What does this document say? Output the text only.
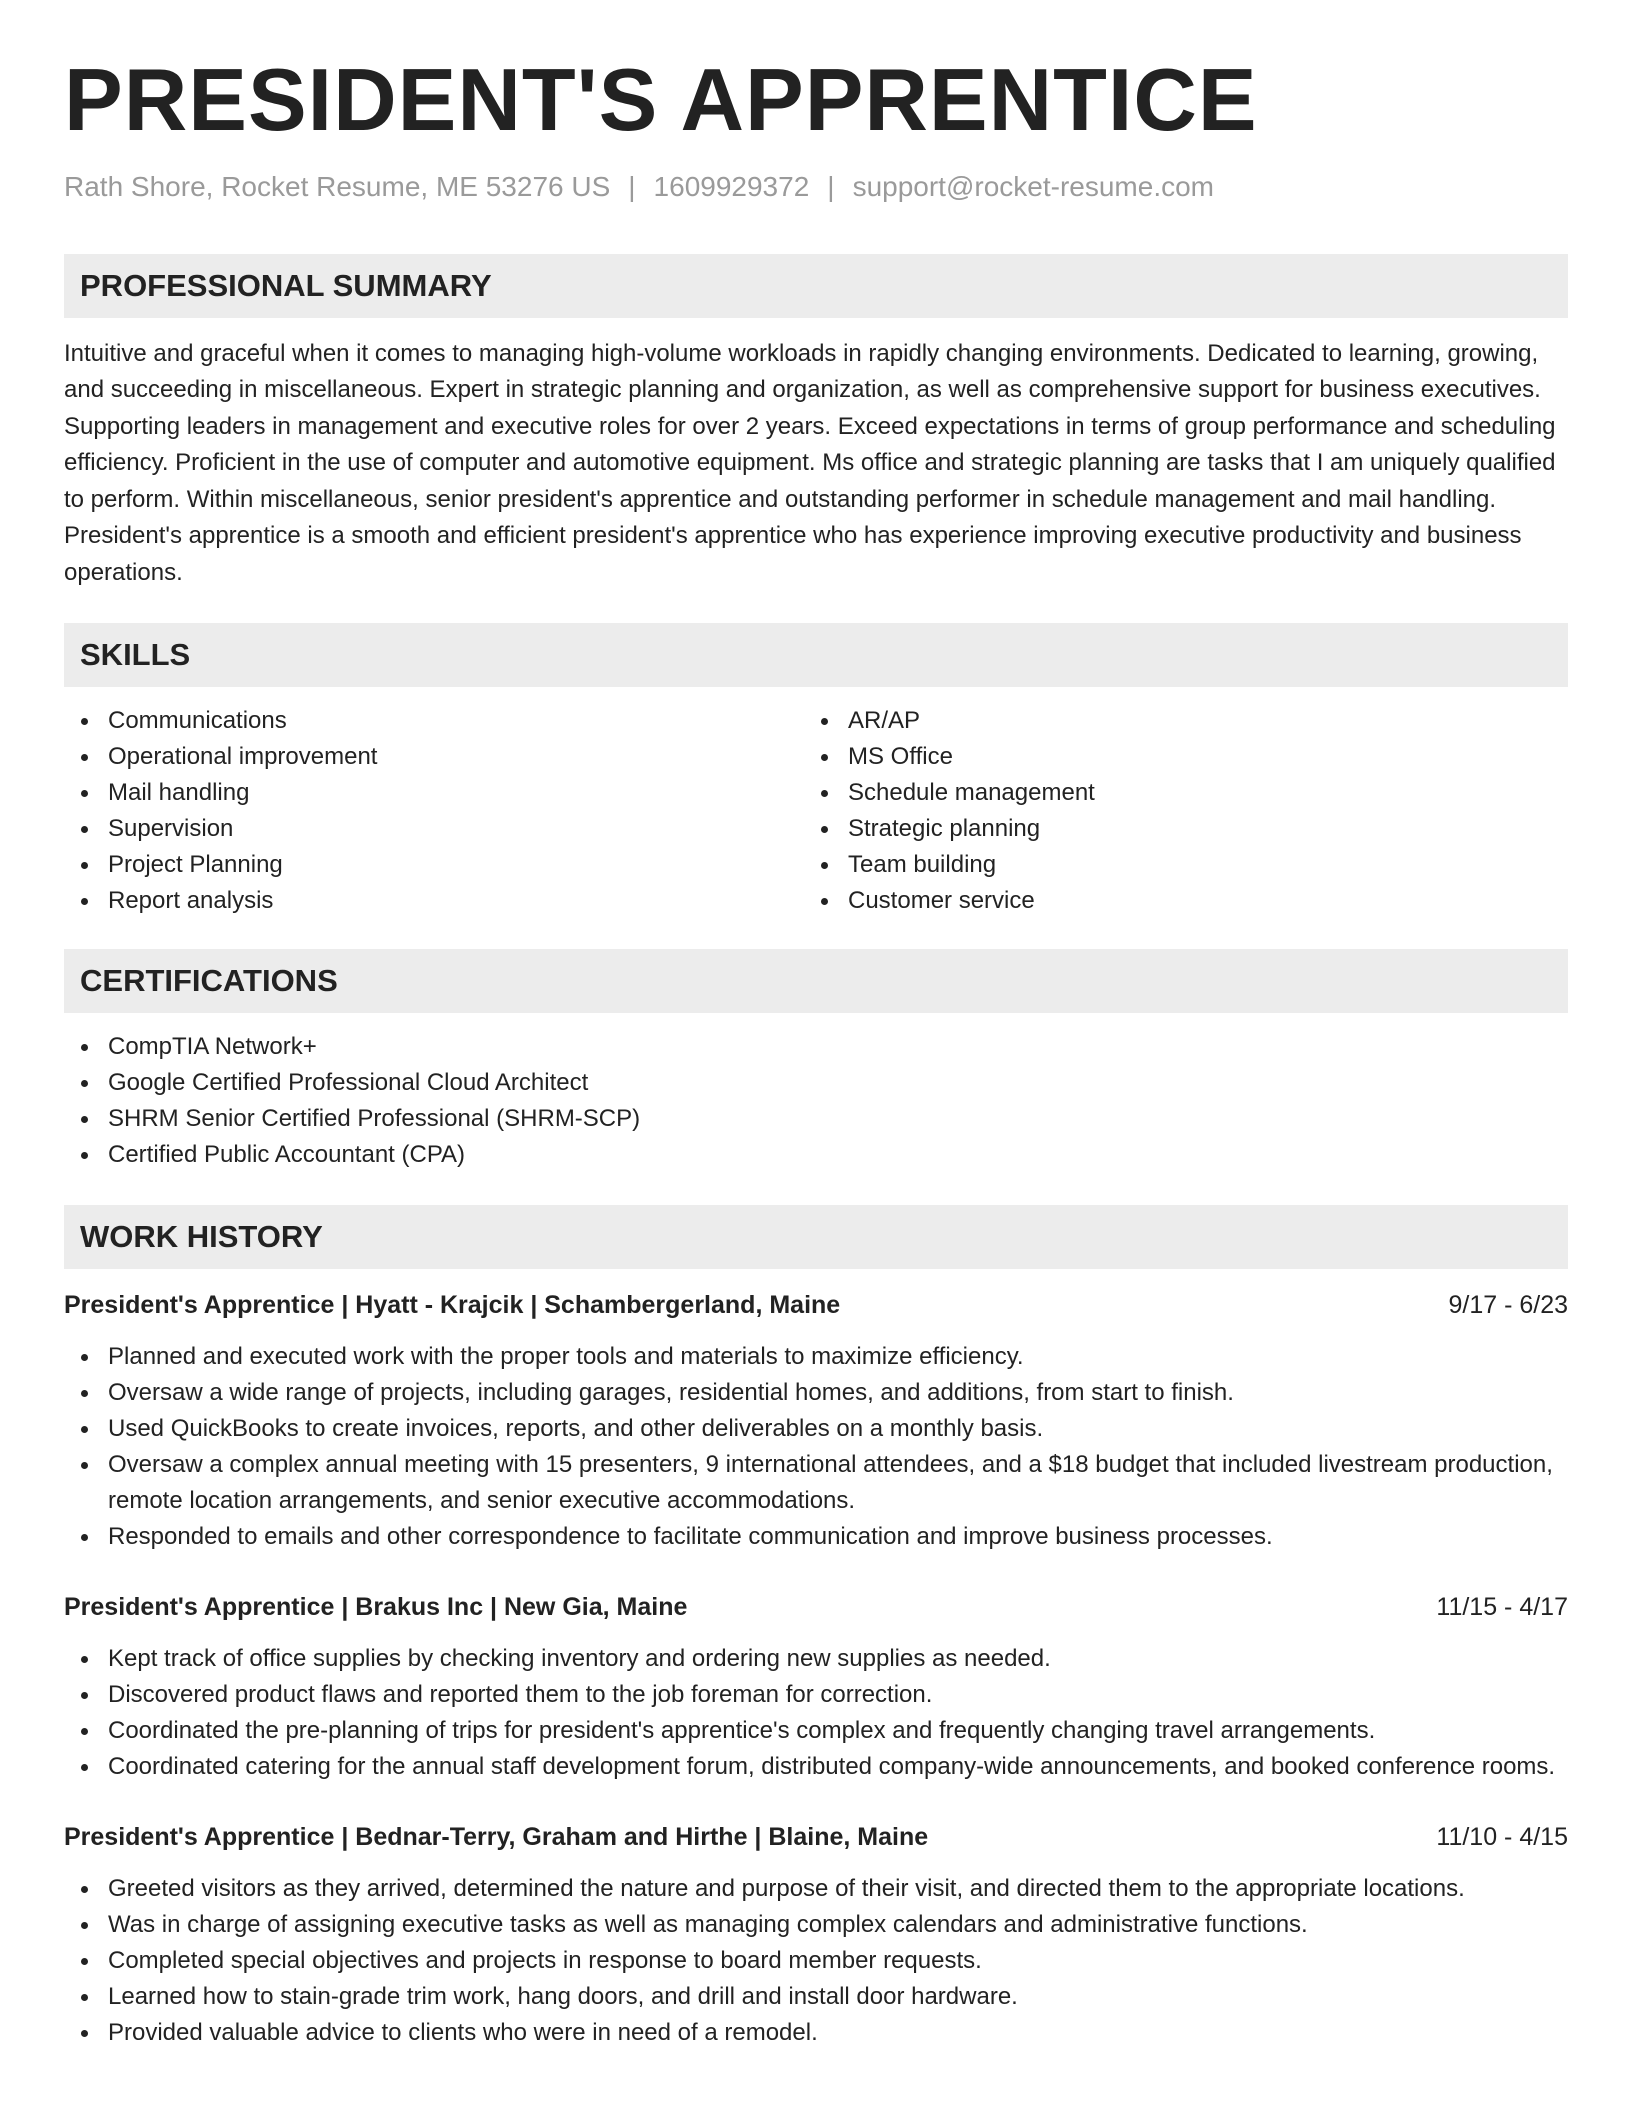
PRESIDENT'S APPRENTICE
Rath Shore, Rocket Resume, ME 53276 US | 1609929372 | support@rocket-resume.com
PROFESSIONAL SUMMARY
Intuitive and graceful when it comes to managing high-volume workloads in rapidly changing environments. Dedicated to learning, growing, and succeeding in miscellaneous. Expert in strategic planning and organization, as well as comprehensive support for business executives. Supporting leaders in management and executive roles for over 2 years. Exceed expectations in terms of group performance and scheduling efficiency. Proficient in the use of computer and automotive equipment. Ms office and strategic planning are tasks that I am uniquely qualified to perform. Within miscellaneous, senior president's apprentice and outstanding performer in schedule management and mail handling. President's apprentice is a smooth and efficient president's apprentice who has experience improving executive productivity and business operations.
SKILLS
Communications
Operational improvement
Mail handling
Supervision
Project Planning
Report analysis
AR/AP
MS Office
Schedule management
Strategic planning
Team building
Customer service
CERTIFICATIONS
CompTIA Network+
Google Certified Professional Cloud Architect
SHRM Senior Certified Professional (SHRM-SCP)
Certified Public Accountant (CPA)
WORK HISTORY
President's Apprentice | Hyatt - Krajcik | Schambergerland, Maine	9/17 - 6/23
Planned and executed work with the proper tools and materials to maximize efficiency.
Oversaw a wide range of projects, including garages, residential homes, and additions, from start to finish.
Used QuickBooks to create invoices, reports, and other deliverables on a monthly basis.
Oversaw a complex annual meeting with 15 presenters, 9 international attendees, and a $18 budget that included livestream production, remote location arrangements, and senior executive accommodations.
Responded to emails and other correspondence to facilitate communication and improve business processes.
President's Apprentice | Brakus Inc | New Gia, Maine	11/15 - 4/17
Kept track of office supplies by checking inventory and ordering new supplies as needed.
Discovered product flaws and reported them to the job foreman for correction.
Coordinated the pre-planning of trips for president's apprentice's complex and frequently changing travel arrangements.
Coordinated catering for the annual staff development forum, distributed company-wide announcements, and booked conference rooms.
President's Apprentice | Bednar-Terry, Graham and Hirthe | Blaine, Maine	11/10 - 4/15
Greeted visitors as they arrived, determined the nature and purpose of their visit, and directed them to the appropriate locations.
Was in charge of assigning executive tasks as well as managing complex calendars and administrative functions.
Completed special objectives and projects in response to board member requests.
Learned how to stain-grade trim work, hang doors, and drill and install door hardware.
Provided valuable advice to clients who were in need of a remodel.
